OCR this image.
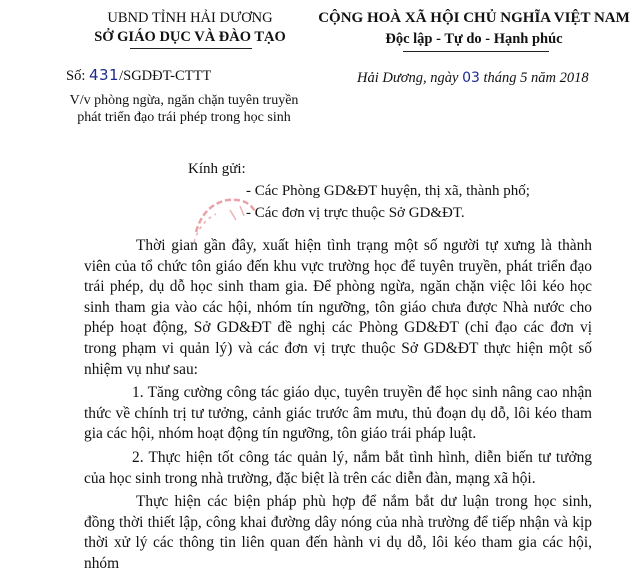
UBND TỈNH HẢI DƯƠNG
SỞ GIÁO DỤC VÀ ĐÀO TẠO
CỘNG HOÀ XÃ HỘI CHỦ NGHĨA VIỆT NAM
Độc lập - Tự do - Hạnh phúc
Số: 431/SGDĐT-CTTT	Hải Dương, ngày 03 tháng 5 năm 2018
V/v phòng ngừa, ngăn chặn tuyên truyền phát triển đạo trái phép trong học sinh
Kính gửi:
- Các Phòng GD&ĐT huyện, thị xã, thành phố;
- Các đơn vị trực thuộc Sở GD&ĐT.

Thời gian gần đây, xuất hiện tình trạng một số người tự xưng là thành viên của tổ chức tôn giáo đến khu vực trường học để tuyên truyền, phát triển đạo trái phép, dụ dỗ học sinh tham gia. Để phòng ngừa, ngăn chặn việc lôi kéo học sinh tham gia vào các hội, nhóm tín ngưỡng, tôn giáo chưa được Nhà nước cho phép hoạt động, Sở GD&ĐT đề nghị các Phòng GD&ĐT (chỉ đạo các đơn vị trong phạm vi quản lý) và các đơn vị trực thuộc Sở GD&ĐT thực hiện một số nhiệm vụ như sau:

1. Tăng cường công tác giáo dục, tuyên truyền để học sinh nâng cao nhận thức về chính trị tư tưởng, cảnh giác trước âm mưu, thủ đoạn dụ dỗ, lôi kéo tham gia các hội, nhóm hoạt động tín ngưỡng, tôn giáo trái pháp luật.

2. Thực hiện tốt công tác quản lý, nắm bắt tình hình, diễn biến tư tưởng của học sinh trong nhà trường, đặc biệt là trên các diễn đàn, mạng xã hội.

Thực hiện các biện pháp phù hợp để nắm bắt dư luận trong học sinh, đồng thời thiết lập, công khai đường dây nóng của nhà trường để tiếp nhận và kịp thời xử lý các thông tin liên quan đến hành vi dụ dỗ, lôi kéo tham gia các hội, nhóm
